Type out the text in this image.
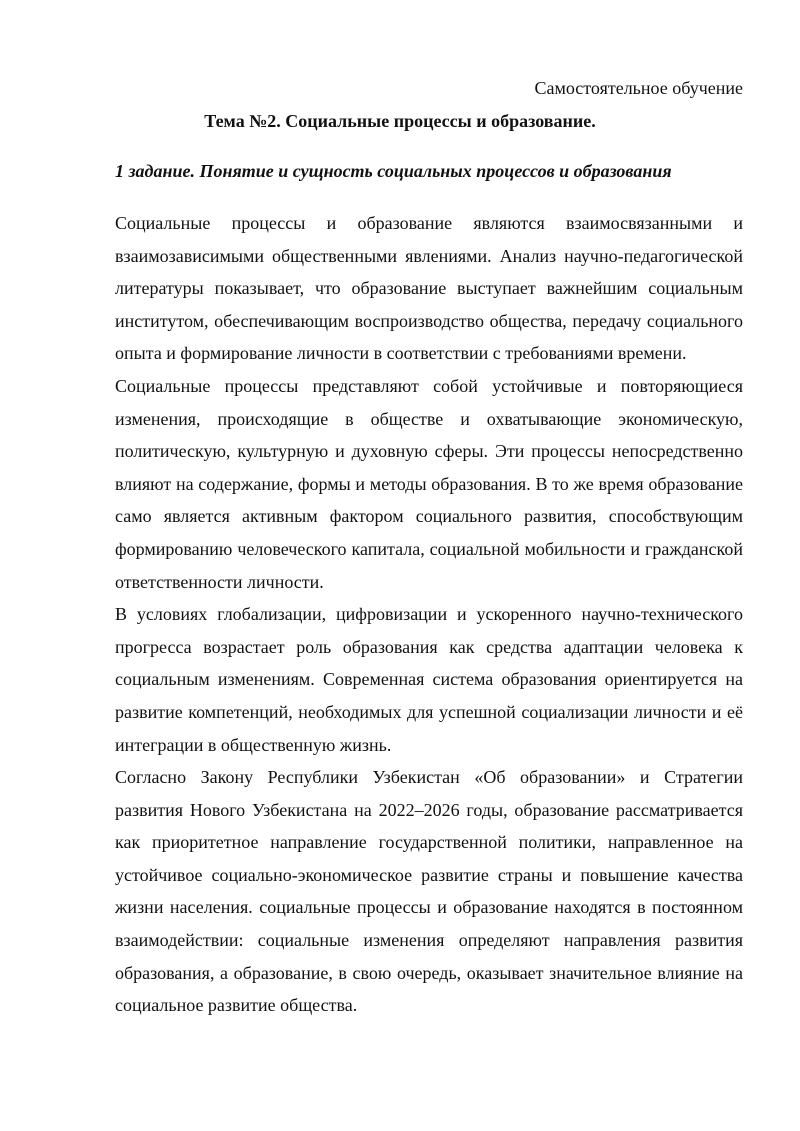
Самостоятельное обучение
Тема №2. Социальные процессы и образование.
1 задание. Понятие и сущность социальных процессов и образования

Социальные процессы и образование являются взаимосвязанными и взаимозависимыми общественными явлениями. Анализ научно-педагогической литературы показывает, что образование выступает важнейшим социальным институтом, обеспечивающим воспроизводство общества, передачу социального опыта и формирование личности в соответствии с требованиями времени.

Социальные процессы представляют собой устойчивые и повторяющиеся изменения, происходящие в обществе и охватывающие экономическую, политическую, культурную и духовную сферы. Эти процессы непосредственно влияют на содержание, формы и методы образования. В то же время образование само является активным фактором социального развития, способствующим формированию человеческого капитала, социальной мобильности и гражданской ответственности личности.

В условиях глобализации, цифровизации и ускоренного научно-технического прогресса возрастает роль образования как средства адаптации человека к социальным изменениям. Современная система образования ориентируется на развитие компетенций, необходимых для успешной социализации личности и её интеграции в общественную жизнь.

Согласно Закону Республики Узбекистан «Об образовании» и Стратегии развития Нового Узбекистана на 2022–2026 годы, образование рассматривается как приоритетное направление государственной политики, направленное на устойчивое социально-экономическое развитие страны и повышение качества жизни населения. социальные процессы и образование находятся в постоянном взаимодействии: социальные изменения определяют направления развития образования, а образование, в свою очередь, оказывает значительное влияние на социальное развитие общества.
